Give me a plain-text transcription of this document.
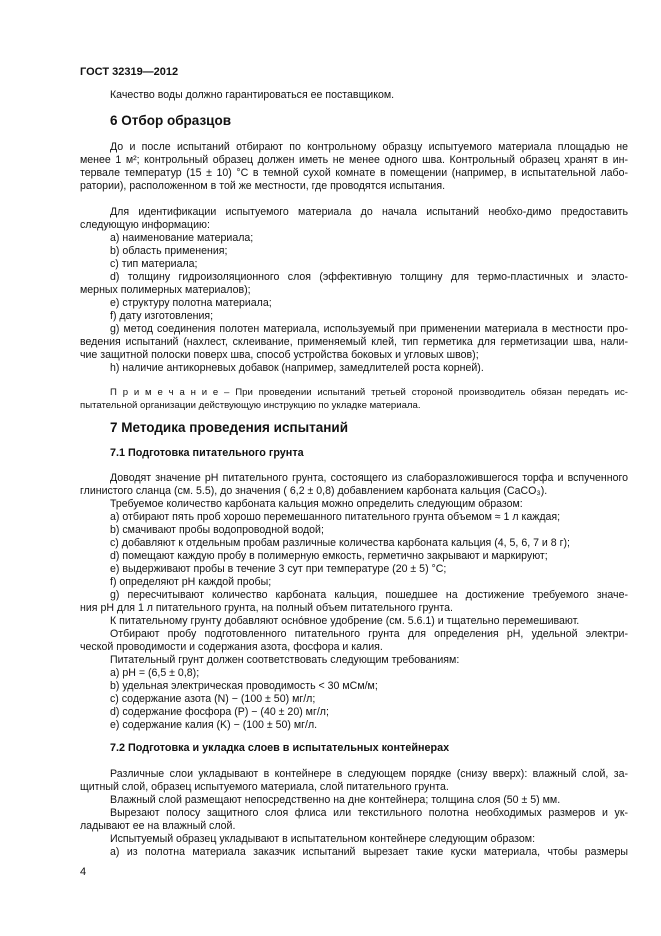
ГОСТ 32319—2012
Качество воды должно гарантироваться ее поставщиком.
6 Отбор образцов
До и после испытаний отбирают по контрольному образцу испытуемого материала площадью не
менее 1 м²; контрольный образец должен иметь не менее одного шва. Контрольный образец хранят в ин-
тервале температур (15 ± 10) °С в темной сухой комнате в помещении (например, в испытательной лабо-
ратории), расположенном в той же местности, где проводятся испытания.
Для идентификации испытуемого материала до начала испытаний необхо-димо предоставить
следующую информацию:
a) наименование материала;
b) область применения;
c) тип материала;
d) толщину гидроизоляционного слоя (эффективную толщину для термо-пластичных и эласто-
мерных полимерных материалов);
e) структуру полотна материала;
f) дату изготовления;
g) метод соединения полотен материала, используемый при применении материала в местности про-
ведения испытаний (нахлест, склеивание, применяемый клей, тип герметика для герметизации шва, нали-
чие защитной полоски поверх шва, способ устройства боковых и угловых швов);
h) наличие антикорневых добавок (например, замедлителей роста корней).
П р и м е ч а н и е – При проведении испытаний третьей стороной производитель обязан передать ис-
пытательной организации действующую инструкцию по укладке материала.
7 Методика проведения испытаний
7.1 Подготовка питательного грунта
Доводят значение pH питательного грунта, состоящего из слаборазложившегося торфа и вспученного
глинистого сланца (см. 5.5), до значения ( 6,2 ± 0,8) добавлением карбоната кальция (CaCO₃).
Требуемое количество карбоната кальция можно определить следующим образом:
a) отбирают пять проб хорошо перемешанного питательного грунта объемом ≈ 1 л каждая;
b) смачивают пробы водопроводной водой;
c) добавляют к отдельным пробам различные количества карбоната кальция (4, 5, 6, 7 и 8 г);
d) помещают каждую пробу в полимерную емкость, герметично закрывают и маркируют;
e) выдерживают пробы в течение 3 сут при температуре (20 ± 5) °С;
f) определяют pH каждой пробы;
g) пересчитывают количество карбоната кальция, пошедшее на достижение требуемого значе-
ния pH для 1 л питательного грунта, на полный объем питательного грунта.
К питательному грунту добавляют оснóвное удобрение (см. 5.6.1) и тщательно перемешивают.
Отбирают пробу подготовленного питательного грунта для определения pH, удельной электри-
ческой проводимости и содержания азота, фосфора и калия.
Питательный грунт должен соответствовать следующим требованиям:
a) pH = (6,5 ± 0,8);
b) удельная электрическая проводимость < 30 мСм/м;
c) содержание азота (N) − (100 ± 50) мг/л;
d) содержание фосфора (P) − (40 ± 20) мг/л;
e) содержание калия (K) − (100 ± 50) мг/л.
7.2 Подготовка и укладка слоев в испытательных контейнерах
Различные слои укладывают в контейнере в следующем порядке (снизу вверх): влажный слой, за-
щитный слой, образец испытуемого материала, слой питательного грунта.
Влажный слой размещают непосредственно на дне контейнера; толщина слоя (50 ± 5) мм.
Вырезают полосу защитного слоя флиса или текстильного полотна необходимых размеров и ук-
ладывают ее на влажный слой.
Испытуемый образец укладывают в испытательном контейнере следующим образом:
а) из полотна материала заказчик испытаний вырезает такие куски материала, чтобы размеры
4
